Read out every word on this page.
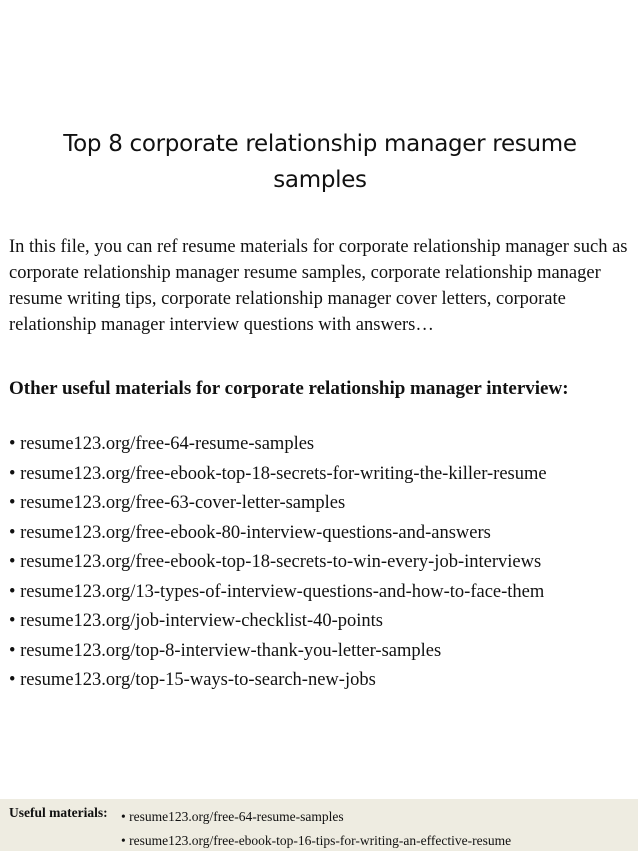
Top 8 corporate relationship manager resume samples

In this file, you can ref resume materials for corporate relationship manager such as corporate relationship manager resume samples, corporate relationship manager resume writing tips, corporate relationship manager cover letters, corporate relationship manager interview questions with answers…

Other useful materials for corporate relationship manager interview:

• resume123.org/free-64-resume-samples
• resume123.org/free-ebook-top-18-secrets-for-writing-the-killer-resume
• resume123.org/free-63-cover-letter-samples
• resume123.org/free-ebook-80-interview-questions-and-answers
• resume123.org/free-ebook-top-18-secrets-to-win-every-job-interviews
• resume123.org/13-types-of-interview-questions-and-how-to-face-them
• resume123.org/job-interview-checklist-40-points
• resume123.org/top-8-interview-thank-you-letter-samples
• resume123.org/top-15-ways-to-search-new-jobs
Useful materials: • resume123.org/free-64-resume-samples
• resume123.org/free-ebook-top-16-tips-for-writing-an-effective-resume
